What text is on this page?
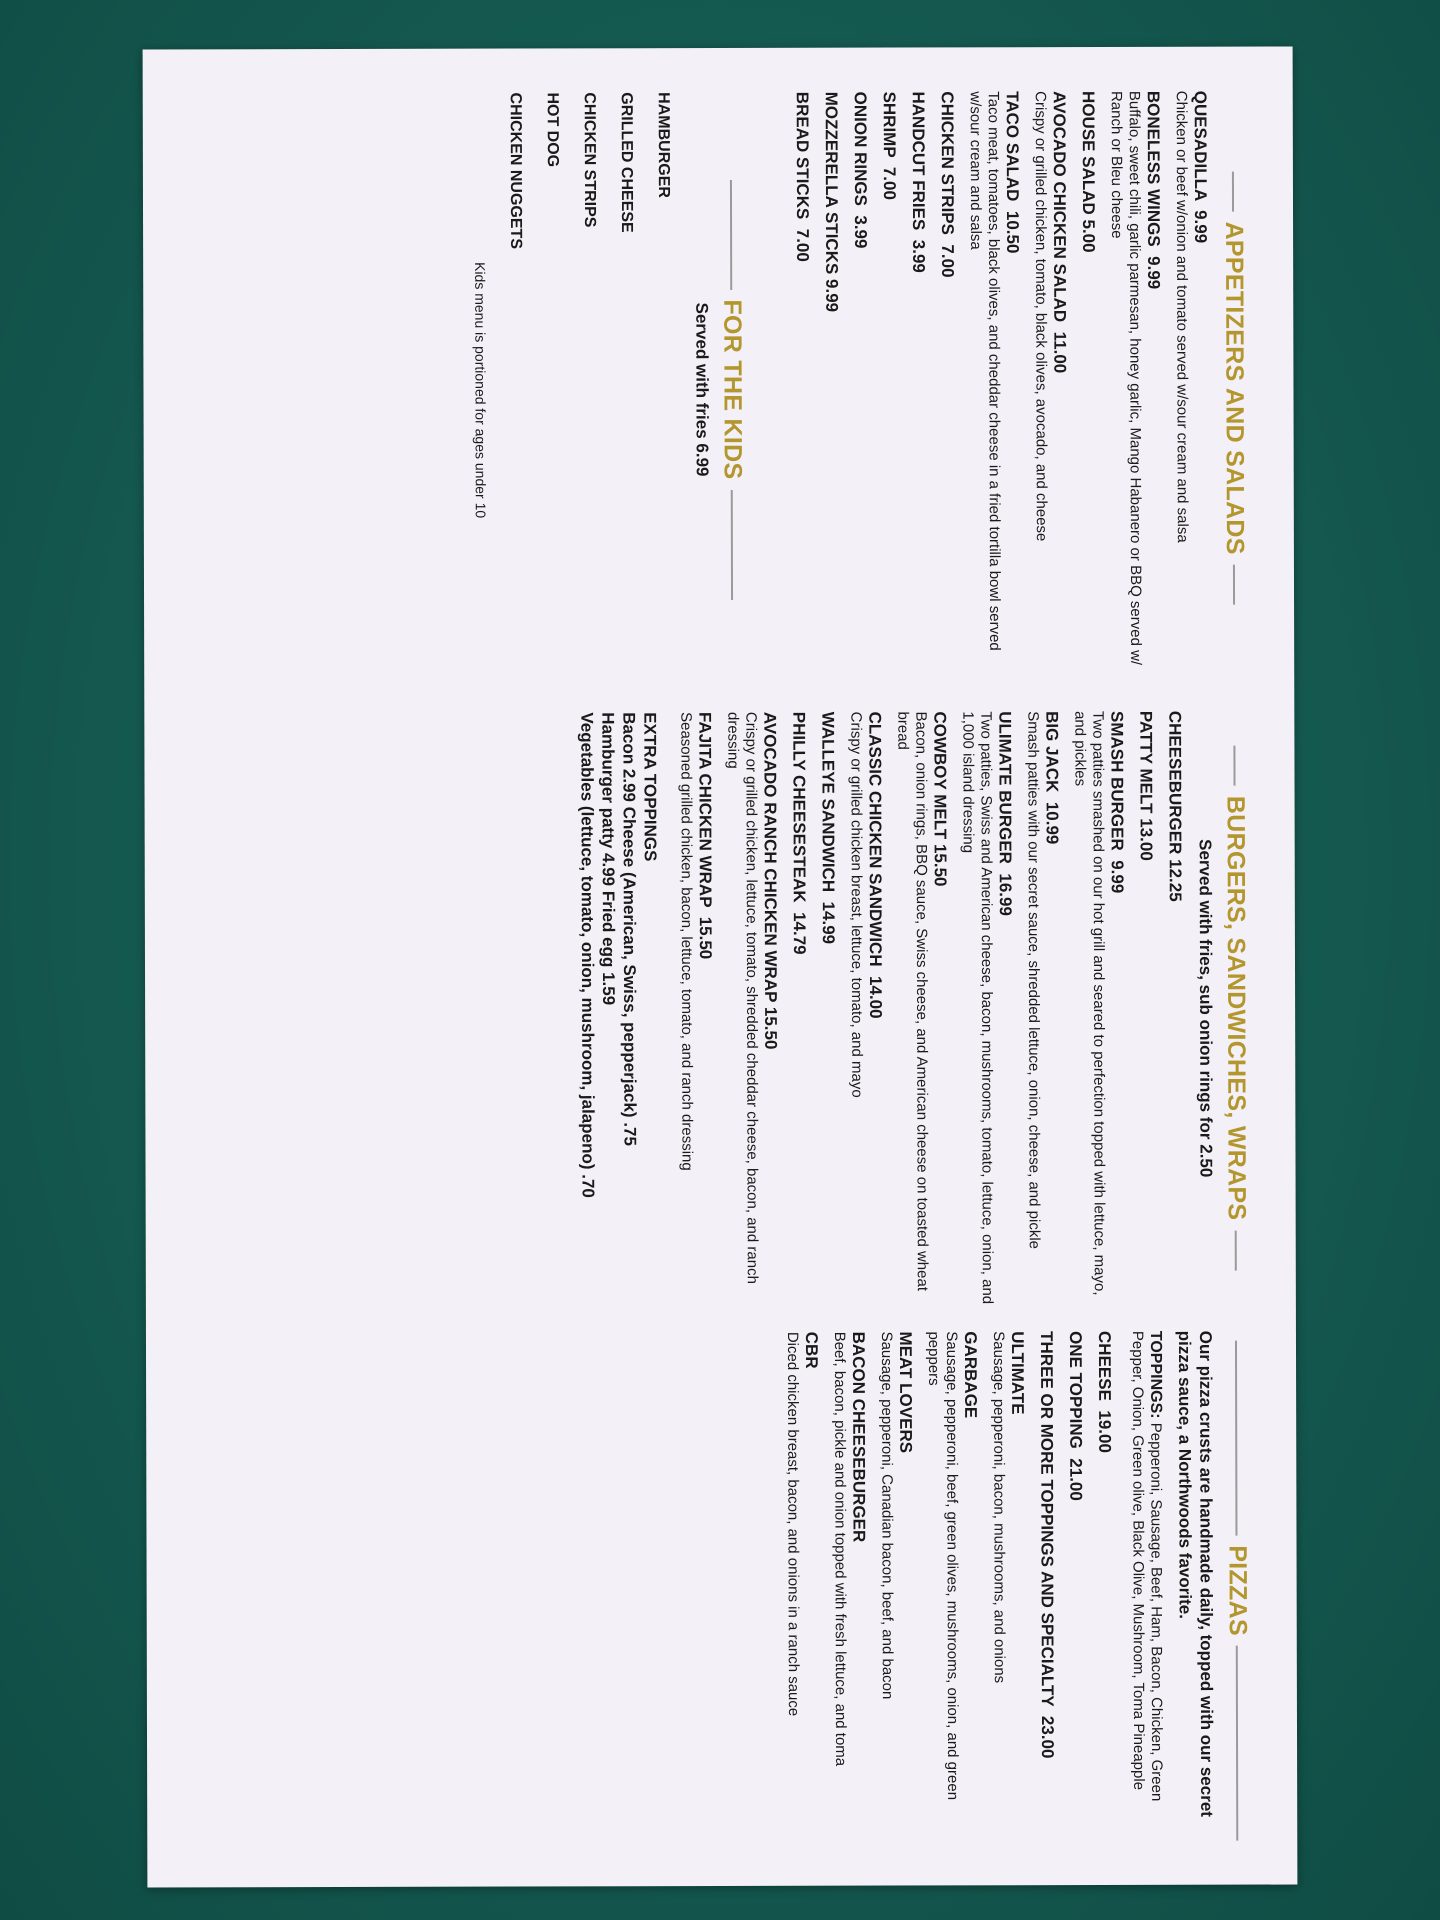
APPETIZERS AND SALADS
QUESADILLA  9.99
Chicken or beef w/onion and tomato served w/sour cream and salsa
BONELESS WINGS  9.99
Buffalo, sweet chili, garlic parmesan, honey garlic, Mango Habanero or BBQ served w/ Ranch or Bleu cheese
HOUSE SALAD 5.00
AVOCADO CHICKEN SALAD  11.00
Crispy or grilled chicken, tomato, black olives, avocado, and cheese
TACO SALAD  10.50
Taco meat, tomatoes, black olives, and cheddar cheese in a fried tortilla bowl served w/sour cream and salsa
CHICKEN STRIPS  7.00
HANDCUT FRIES  3.99
SHRIMP  7.00
ONION RINGS  3.99
MOZZERELLA STICKS 9.99
BREAD STICKS  7.00
FOR THE KIDS
Served with fries 6.99
HAMBURGER
GRILLED CHEESE
CHICKEN STRIPS
HOT DOG
CHICKEN NUGGETS
Kids menu is portioned for ages under 10
BURGERS, SANDWICHES, WRAPS
Served with fries, sub onion rings for 2.50
CHEESEBURGER 12.25
PATTY MELT 13.00
SMASH BURGER  9.99
Two patties smashed on our hot grill and seared to perfection topped with lettuce, mayo, and pickles
BIG JACK  10.99
Smash patties with our secret sauce, shredded lettuce, onion, cheese, and pickle
ULIMATE BURGER  16.99
Two patties, Swiss and American cheese, bacon, mushrooms, tomato, lettuce, onion, and 1,000 island dressing
COWBOY MELT 15.50
Bacon, onion rings, BBQ sauce, Swiss cheese, and American cheese on toasted wheat bread
CLASSIC CHICKEN SANDWICH  14.00
Crispy or grilled chicken breast, lettuce, tomato, and mayo
WALLEYE SANDWICH  14.99
PHILLY CHEESESTEAK  14.79
AVOCADO RANCH CHICKEN WRAP 15.50
Crispy or grilled chicken, lettuce, tomato, shredded cheddar cheese, bacon, and ranch dressing
FAJITA CHICKEN WRAP  15.50
Seasoned grilled chicken, bacon, lettuce, tomato, and ranch dressing
EXTRA TOPPINGS
Bacon 2.99 Cheese (American, Swiss, pepperjack) .75
Hamburger patty 4.99 Fried egg 1.59
Vegetables (lettuce, tomato, onion, mushroom, jalapeno) .70
PIZZAS
Our pizza crusts are handmade daily, topped with our secret pizza sauce, a Northwoods favorite.
TOPPINGS: Pepperoni, Sausage, Beef, Ham, Bacon, Chicken, Green Pepper, Onion, Green olive, Black Olive, Mushroom, Toma Pineapple
CHEESE  19.00
ONE TOPPING  21.00
THREE OR MORE TOPPINGS AND SPECIALTY  23.00
ULTIMATE
Sausage, pepperoni, bacon, mushrooms, and onions
GARBAGE
Sausage, pepperoni, beef, green olives, mushrooms, onion, and green peppers
MEAT LOVERS
Sausage, pepperoni, Canadian bacon, beef, and bacon
BACON CHEESEBURGER
Beef, bacon, pickle and onion topped with fresh lettuce, and toma
CBR
Diced chicken breast, bacon, and onions in a ranch sauce
